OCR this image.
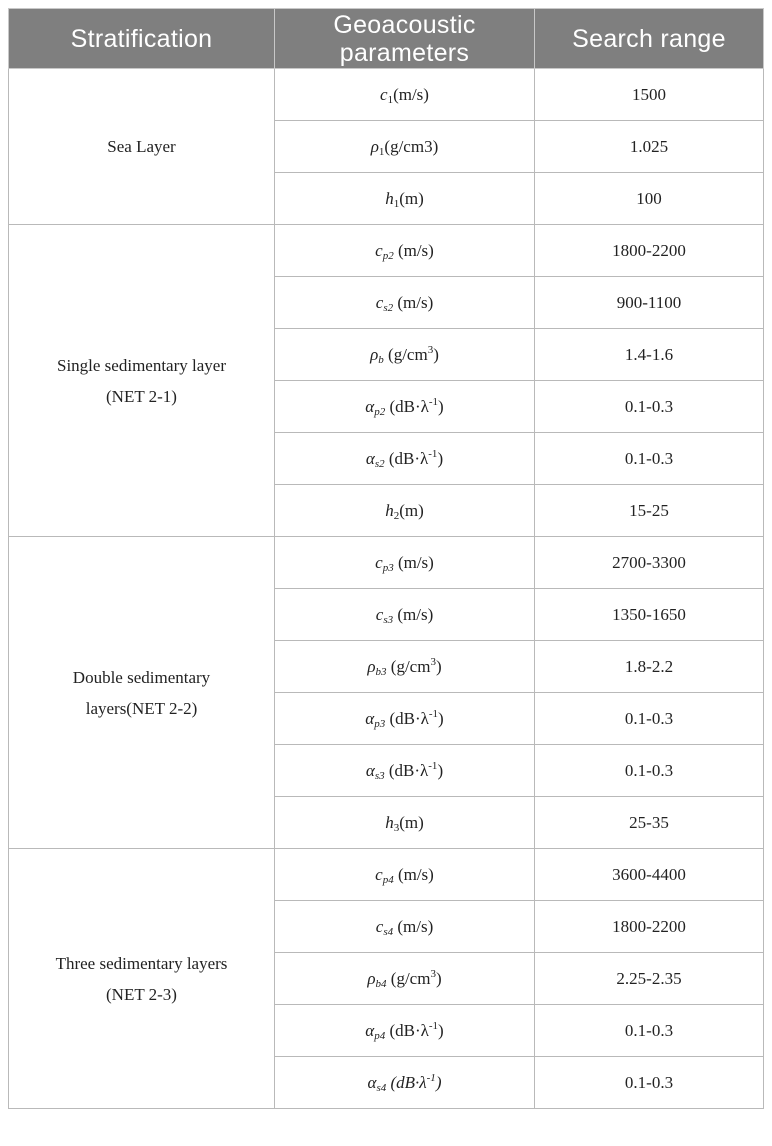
Stratification	Geoacoustic parameters	Search range
Sea Layer	$c_1(m/s)$	1500
	$\rho_1(g/cm3)$	1.025
	$h_1(m)$	100
Single sedimentary layer
(NET 2-1)	$c_{p2}$ (m/s)	1800-2200
	$c_{s2}$ (m/s)	900-1100
	$\rho_b$ $(g/cm^3)$	1.4-1.6
	$\alpha_{p2}$ $(dB\cdot\lambda^{-1})$	0.1-0.3
	$\alpha_{s2}$ $(dB\cdot\lambda^{-1})$	0.1-0.3
	$h_2(m)$	15-25
Double sedimentary
layers(NET 2-2)	$c_{p3}$ (m/s)	2700-3300
	$c_{s3}$ (m/s)	1350-1650
	$\rho_{b3}$ $(g/cm^3)$	1.8-2.2
	$\alpha_{p3}$ $(dB\cdot\lambda^{-1})$	0.1-0.3
	$\alpha_{s3}$ $(dB\cdot\lambda^{-1})$	0.1-0.3
	$h_3(m)$	25-35
Three sedimentary layers
(NET 2-3)	$c_{p4}$ (m/s)	3600-4400
	$c_{s4}$ (m/s)	1800-2200
	$\rho_{b4}$ $(g/cm^3)$	2.25-2.35
	$\alpha_{p4}$ $(dB\cdot\lambda^{-1})$	0.1-0.3
	$\alpha_{s4}$ $(dB\cdot\lambda^{-1})$	0.1-0.3
